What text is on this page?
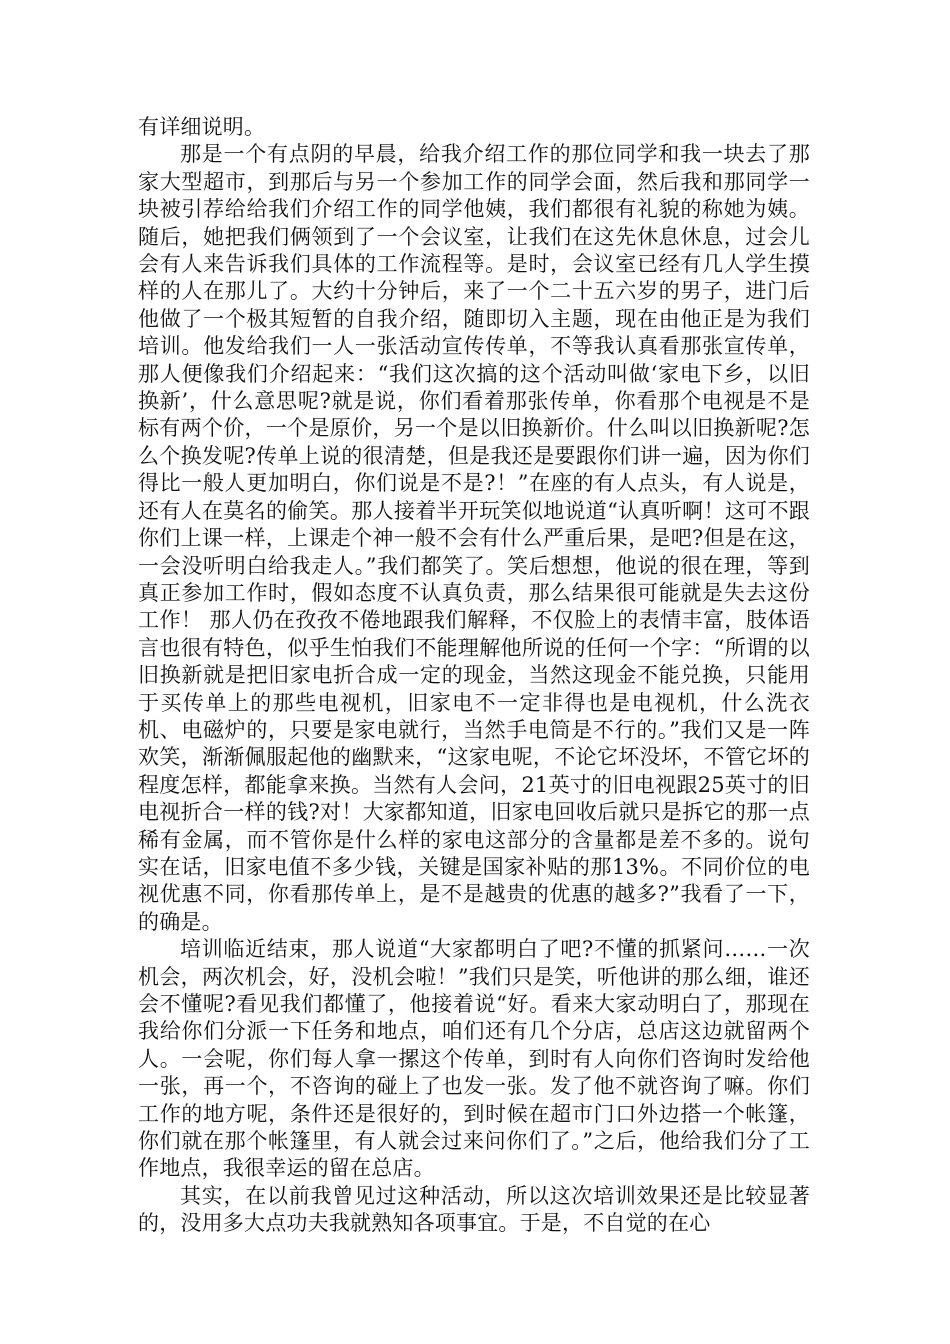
有详细说明。

那是一个有点阴的早晨，给我介绍工作的那位同学和我一块去了那家大型超市，到那后与另一个参加工作的同学会面，然后我和那同学一块被引荐给给我们介绍工作的同学他姨，我们都很有礼貌的称她为姨。随后，她把我们俩领到了一个会议室，让我们在这先休息休息，过会儿会有人来告诉我们具体的工作流程等。是时，会议室已经有几人学生摸样的人在那儿了。大约十分钟后，来了一个二十五六岁的男子，进门后他做了一个极其短暂的自我介绍，随即切入主题，现在由他正是为我们培训。他发给我们一人一张活动宣传传单，不等我认真看那张宣传单，那人便像我们介绍起来：“我们这次搞的这个活动叫做‘家电下乡，以旧换新’，什么意思呢?就是说，你们看着那张传单，你看那个电视是不是标有两个价，一个是原价，另一个是以旧换新价。什么叫以旧换新呢?怎么个换发呢?传单上说的很清楚，但是我还是要跟你们讲一遍，因为你们得比一般人更加明白，你们说是不是?！”在座的有人点头，有人说是，还有人在莫名的偷笑。那人接着半开玩笑似地说道“认真听啊！这可不跟你们上课一样，上课走个神一般不会有什么严重后果，是吧?但是在这，一会没听明白给我走人。”我们都笑了。笑后想想，他说的很在理，等到真正参加工作时，假如态度不认真负责，那么结果很可能就是失去这份工作！ 那人仍在孜孜不倦地跟我们解释，不仅脸上的表情丰富，肢体语言也很有特色，似乎生怕我们不能理解他所说的任何一个字：“所谓的以旧换新就是把旧家电折合成一定的现金，当然这现金不能兑换，只能用于买传单上的那些电视机，旧家电不一定非得也是电视机，什么洗衣机、电磁炉的，只要是家电就行，当然手电筒是不行的。”我们又是一阵欢笑，渐渐佩服起他的幽默来，“这家电呢，不论它坏没坏，不管它坏的程度怎样，都能拿来换。当然有人会问，21英寸的旧电视跟25英寸的旧电视折合一样的钱?对！大家都知道，旧家电回收后就只是拆它的那一点稀有金属，而不管你是什么样的家电这部分的含量都是差不多的。说句实在话，旧家电值不多少钱，关键是国家补贴的那13%。不同价位的电视优惠不同，你看那传单上，是不是越贵的优惠的越多?”我看了一下，的确是。

培训临近结束，那人说道“大家都明白了吧?不懂的抓紧问……一次机会，两次机会，好，没机会啦！”我们只是笑，听他讲的那么细，谁还会不懂呢?看见我们都懂了，他接着说“好。看来大家动明白了，那现在我给你们分派一下任务和地点，咱们还有几个分店，总店这边就留两个人。一会呢，你们每人拿一摞这个传单，到时有人向你们咨询时发给他一张，再一个，不咨询的碰上了也发一张。发了他不就咨询了嘛。你们工作的地方呢，条件还是很好的，到时候在超市门口外边搭一个帐篷，你们就在那个帐篷里，有人就会过来问你们了。”之后，他给我们分了工作地点，我很幸运的留在总店。

其实，在以前我曾见过这种活动，所以这次培训效果还是比较显著的，没用多大点功夫我就熟知各项事宜。于是，不自觉的在心
